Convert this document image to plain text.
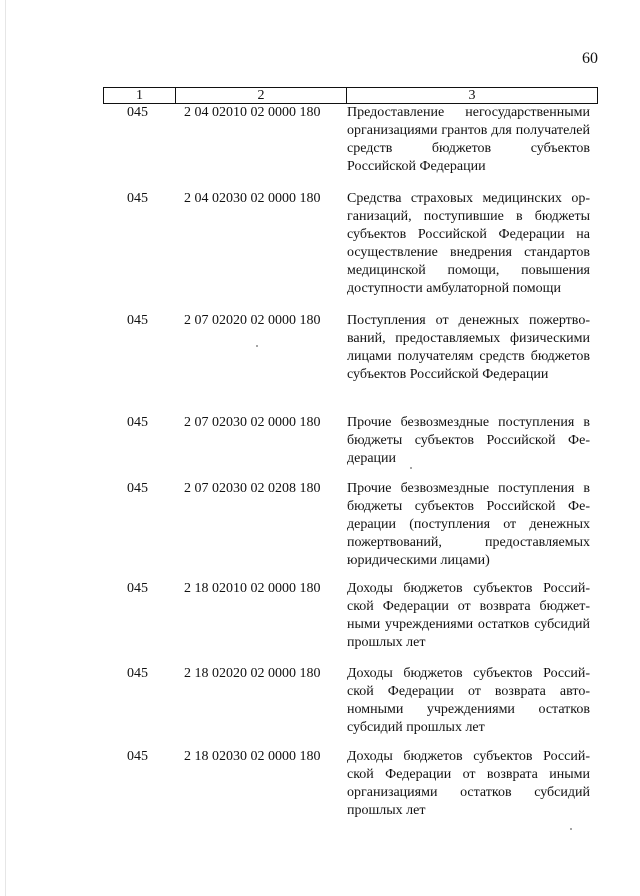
60
1	2	3
045	2 04 02010 02 0000 180	Предоставление негосударственными организациями грантов для получателей средств бюджетов субъектов Российской Федерации
045	2 04 02030 02 0000 180	Средства страховых медицинских организаций, поступившие в бюджеты субъектов Российской Федерации на осуществление внедрения стандартов медицинской помощи, повышения доступности амбулаторной помощи
045	2 07 02020 02 0000 180	Поступления от денежных пожертвований, предоставляемых физическими лицами получателям средств бюджетов субъектов Российской Федерации
045	2 07 02030 02 0000 180	Прочие безвозмездные поступления в бюджеты субъектов Российской Федерации
045	2 07 02030 02 0208 180	Прочие безвозмездные поступления в бюджеты субъектов Российской Федерации (поступления от денежных пожертвований, предоставляемых юридическими лицами)
045	2 18 02010 02 0000 180	Доходы бюджетов субъектов Российской Федерации от возврата бюджетными учреждениями остатков субсидий прошлых лет
045	2 18 02020 02 0000 180	Доходы бюджетов субъектов Российской Федерации от возврата автономными учреждениями остатков субсидий прошлых лет
045	2 18 02030 02 0000 180	Доходы бюджетов субъектов Российской Федерации от возврата иными организациями остатков субсидий прошлых лет
